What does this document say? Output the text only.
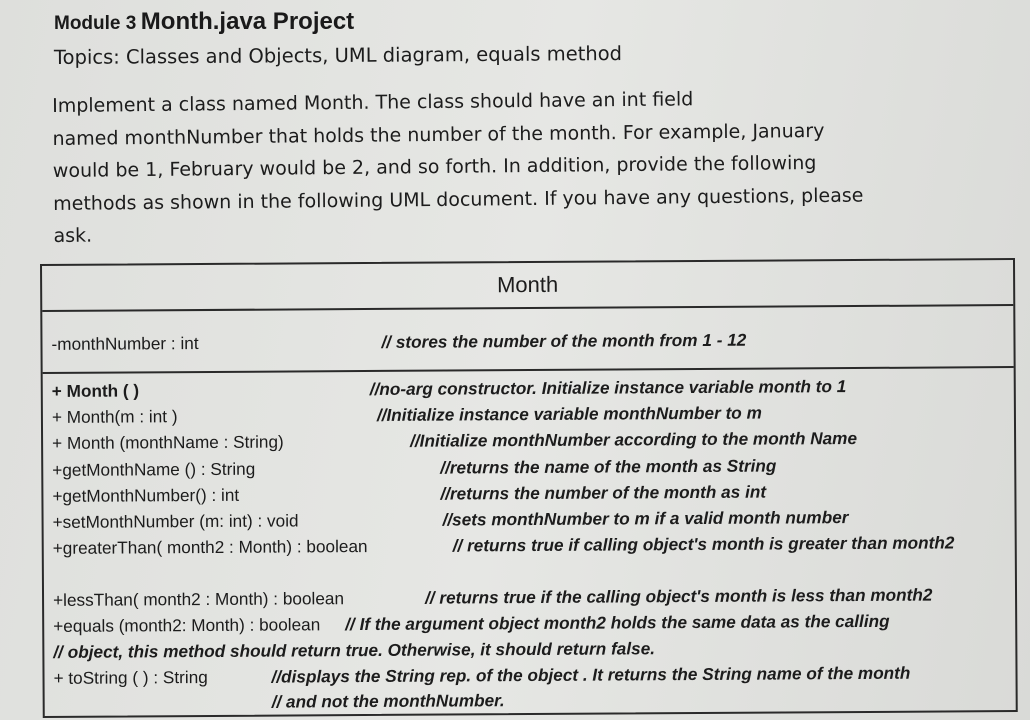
Module 3 Month.java Project
Topics: Classes and Objects, UML diagram, equals method
Implement a class named Month. The class should have an int field
named monthNumber that holds the number of the month. For example, January
would be 1, February would be 2, and so forth. In addition, provide the following
methods as shown in the following UML document. If you have any questions, please
ask.
Month
-monthNumber : int	// stores the number of the month from 1 - 12
+ Month ( )	//no-arg constructor. Initialize instance variable month to 1
+ Month(m : int )	//Initialize instance variable monthNumber to m
+ Month (monthName : String)	//Initialize monthNumber according to the month Name
+getMonthName () : String	//returns the name of the month as String
+getMonthNumber() : int	//returns the number of the month as int
+setMonthNumber (m: int) : void	//sets monthNumber to m if a valid month number
+greaterThan( month2 : Month) : boolean	// returns true if calling object's month is greater than month2
+lessThan( month2 : Month) : boolean	// returns true if the calling object's month is less than month2
+equals (month2: Month) : boolean // If the argument object month2 holds the same data as the calling
// object, this method should return true. Otherwise, it should return false.
+ toString ( ) : String	//displays the String rep. of the object . It returns the String name of the month
// and not the monthNumber.
